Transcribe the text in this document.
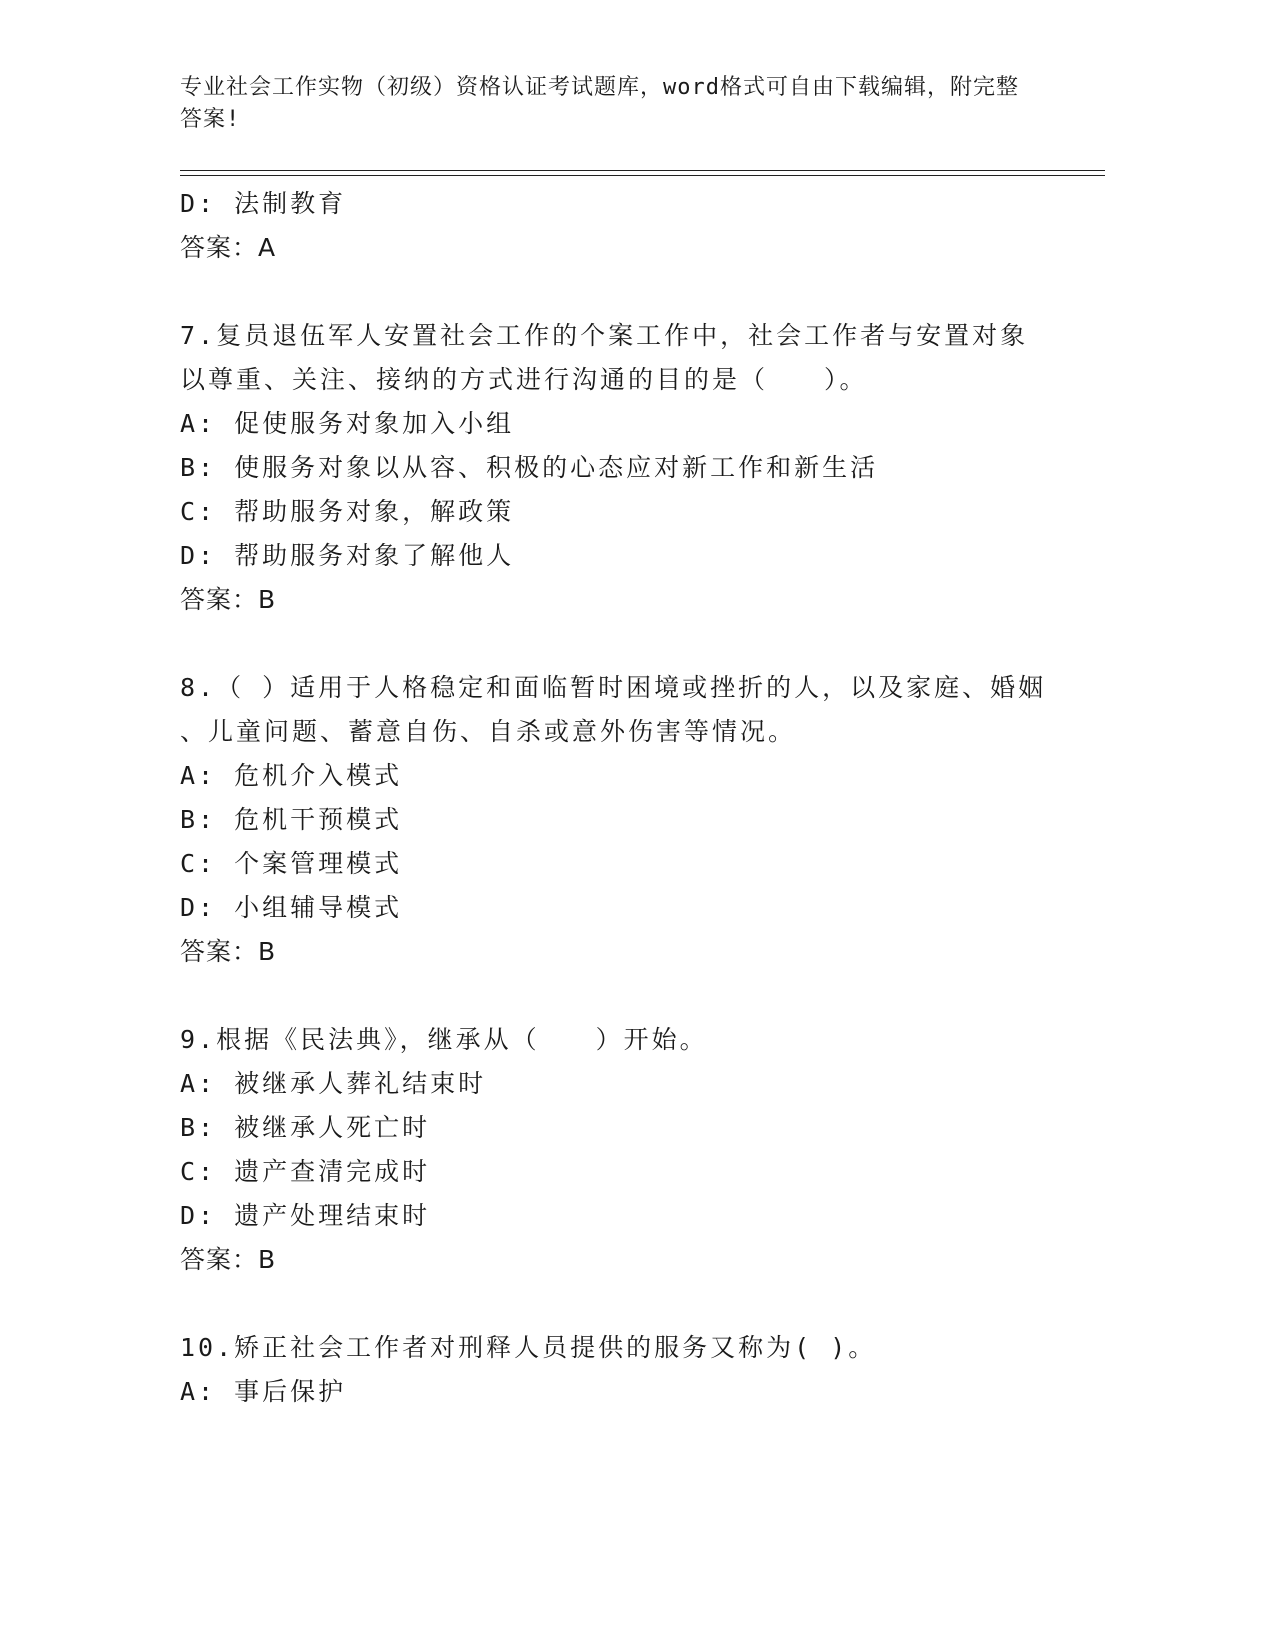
专业社会工作实物（初级）资格认证考试题库，word格式可自由下载编辑，附完整答案!
D: 法制教育
答案：A
7.复员退伍军人安置社会工作的个案工作中，社会工作者与安置对象
以尊重、关注、接纳的方式进行沟通的目的是（　　）。
A: 促使服务对象加入小组
B: 使服务对象以从容、积极的心态应对新工作和新生活
C: 帮助服务对象，解政策
D: 帮助服务对象了解他人
答案：B
8.（ ）适用于人格稳定和面临暂时困境或挫折的人，以及家庭、婚姻
、儿童问题、蓄意自伤、自杀或意外伤害等情况。
A: 危机介入模式
B: 危机干预模式
C: 个案管理模式
D: 小组辅导模式
答案：B
9.根据《民法典》，继承从（　　）开始。
A: 被继承人葬礼结束时
B: 被继承人死亡时
C: 遗产查清完成时
D: 遗产处理结束时
答案：B
10.矫正社会工作者对刑释人员提供的服务又称为( )。
A: 事后保护
